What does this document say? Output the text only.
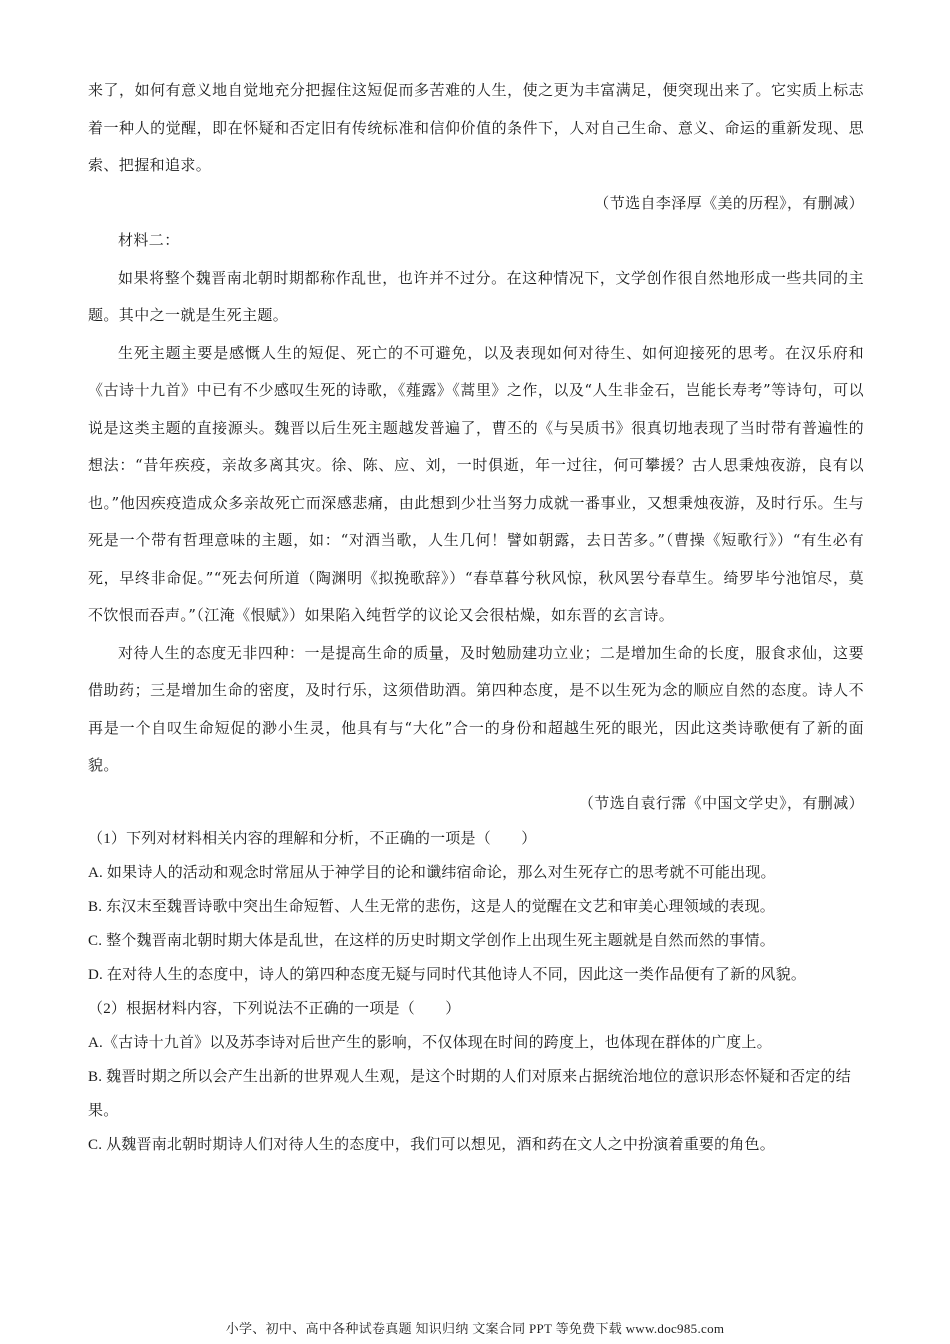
来了，如何有意义地自觉地充分把握住这短促而多苦难的人生，使之更为丰富满足，便突现出来了。它实质上标志着一种人的觉醒，即在怀疑和否定旧有传统标准和信仰价值的条件下，人对自己生命、意义、命运的重新发现、思索、把握和追求。

（节选自李泽厚《美的历程》，有删减）

材料二：

如果将整个魏晋南北朝时期都称作乱世，也许并不过分。在这种情况下，文学创作很自然地形成一些共同的主题。其中之一就是生死主题。

生死主题主要是感慨人生的短促、死亡的不可避免，以及表现如何对待生、如何迎接死的思考。在汉乐府和《古诗十九首》中已有不少感叹生死的诗歌，《薤露》《蒿里》之作，以及“人生非金石，岂能长寿考”等诗句，可以说是这类主题的直接源头。魏晋以后生死主题越发普遍了，曹丕的《与吴质书》很真切地表现了当时带有普遍性的想法：“昔年疾疫，亲故多离其灾。徐、陈、应、刘，一时俱逝，年一过往，何可攀援？古人思秉烛夜游，良有以也。”他因疾疫造成众多亲故死亡而深感悲痛，由此想到少壮当努力成就一番事业，又想秉烛夜游，及时行乐。生与死是一个带有哲理意味的主题，如：“对酒当歌，人生几何！譬如朝露，去日苦多。”（曹操《短歌行》）“有生必有死，早终非命促。”“死去何所道（陶渊明《拟挽歌辞》）“春草暮兮秋风惊，秋风罢兮春草生。绮罗毕兮池馆尽，莫不饮恨而吞声。”（江淹《恨赋》）如果陷入纯哲学的议论又会很枯燥，如东晋的玄言诗。

对待人生的态度无非四种：一是提高生命的质量，及时勉励建功立业；二是增加生命的长度，服食求仙，这要借助药；三是增加生命的密度，及时行乐，这须借助酒。第四种态度，是不以生死为念的顺应自然的态度。诗人不再是一个自叹生命短促的渺小生灵，他具有与“大化”合一的身份和超越生死的眼光，因此这类诗歌便有了新的面貌。

（节选自袁行霈《中国文学史》，有删减）

（1）下列对材料相关内容的理解和分析，不正确的一项是（　　）

A. 如果诗人的活动和观念时常屈从于神学目的论和谶纬宿命论，那么对生死存亡的思考就不可能出现。

B. 东汉末至魏晋诗歌中突出生命短暂、人生无常的悲伤，这是人的觉醒在文艺和审美心理领域的表现。

C. 整个魏晋南北朝时期大体是乱世，在这样的历史时期文学创作上出现生死主题就是自然而然的事情。

D. 在对待人生的态度中，诗人的第四种态度无疑与同时代其他诗人不同，因此这一类作品便有了新的风貌。

（2）根据材料内容，下列说法不正确的一项是（　　）

A.《古诗十九首》以及苏李诗对后世产生的影响，不仅体现在时间的跨度上，也体现在群体的广度上。

B. 魏晋时期之所以会产生出新的世界观人生观，是这个时期的人们对原来占据统治地位的意识形态怀疑和否定的结果。

C. 从魏晋南北朝时期诗人们对待人生的态度中，我们可以想见，酒和药在文人之中扮演着重要的角色。

小学、初中、高中各种试卷真题 知识归纳 文案合同 PPT 等免费下载 www.doc985.com
